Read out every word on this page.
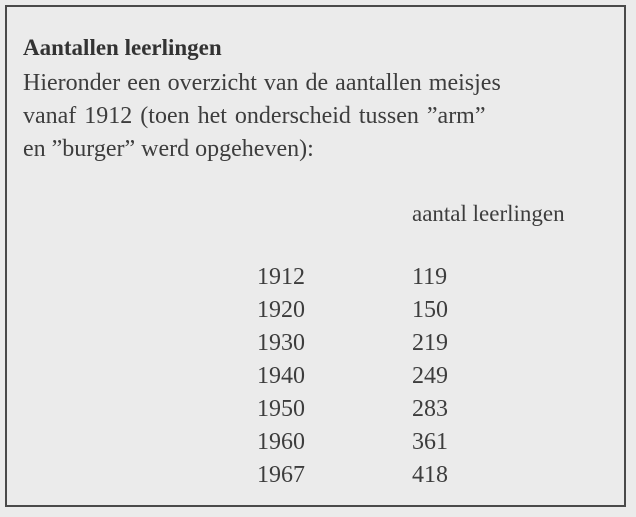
Aantallen leerlingen
Hieronder een overzicht van de aantallen meisjes
vanaf 1912 (toen het onderscheid tussen ”arm”
en ”burger” werd opgeheven):
aantal leerlingen
1912	119
1920	150
1930	219
1940	249
1950	283
1960	361
1967	418
